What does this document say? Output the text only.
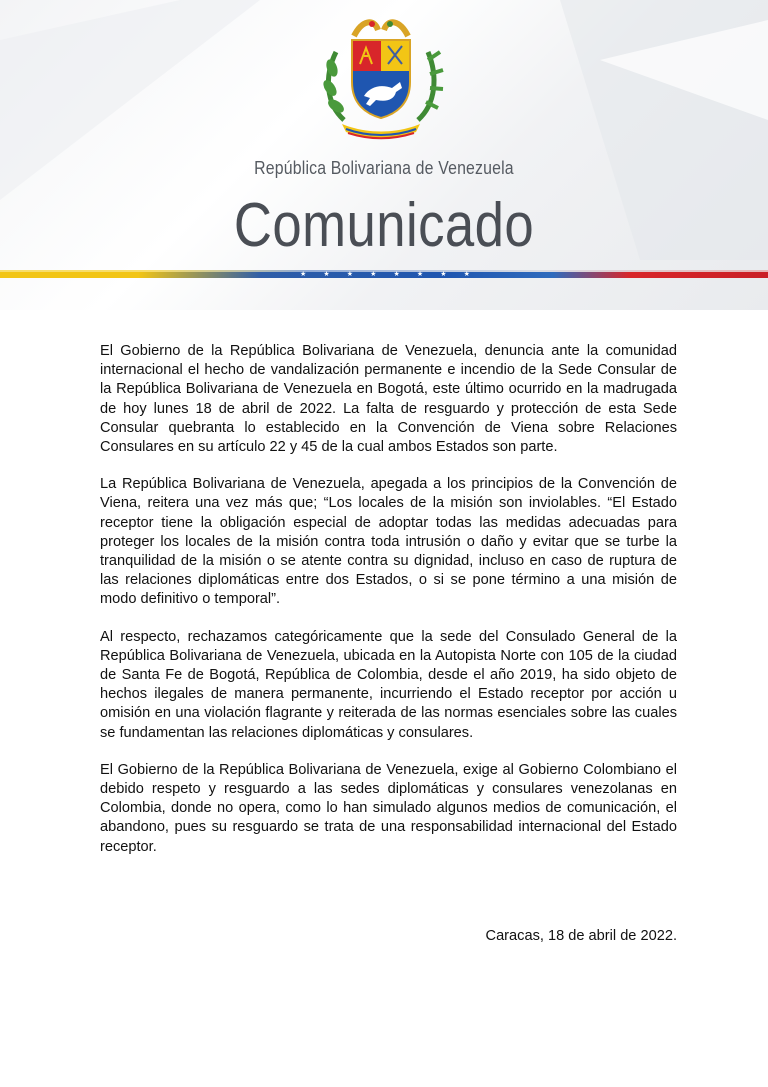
República Bolivariana de Venezuela
Comunicado
★ ★ ★ ★ ★ ★ ★ ★

El Gobierno de la República Bolivariana de Venezuela, denuncia ante la comunidad internacional el hecho de vandalización permanente e incendio de la Sede Consular de la República Bolivariana de Venezuela en Bogotá, este último ocurrido en la madrugada de hoy lunes 18 de abril de 2022. La falta de resguardo y protección de esta Sede Consular quebranta lo establecido en la Convención de Viena sobre Relaciones Consulares en su artículo 22 y 45 de la cual ambos Estados son parte.

La República Bolivariana de Venezuela, apegada a los principios de la Convención de Viena, reitera una vez más que; “Los locales de la misión son inviolables. “El Estado receptor tiene la obligación especial de adoptar todas las medidas adecuadas para proteger los locales de la misión contra toda intrusión o daño y evitar que se turbe la tranquilidad de la misión o se atente contra su dignidad, incluso en caso de ruptura de las relaciones diplomáticas entre dos Estados, o si se pone término a una misión de modo definitivo o temporal”.

Al respecto, rechazamos categóricamente que la sede del Consulado General de la República Bolivariana de Venezuela, ubicada en la Autopista Norte con 105 de la ciudad de Santa Fe de Bogotá, República de Colombia, desde el año 2019, ha sido objeto de hechos ilegales de manera permanente, incurriendo el Estado receptor por acción u omisión en una violación flagrante y reiterada de las normas esenciales sobre las cuales se fundamentan las relaciones diplomáticas y consulares.

El Gobierno de la República Bolivariana de Venezuela, exige al Gobierno Colombiano el debido respeto y resguardo a las sedes diplomáticas y consulares venezolanas en Colombia, donde no opera, como lo han simulado algunos medios de comunicación, el abandono, pues su resguardo se trata de una responsabilidad internacional del Estado receptor.

Caracas, 18 de abril de 2022.
